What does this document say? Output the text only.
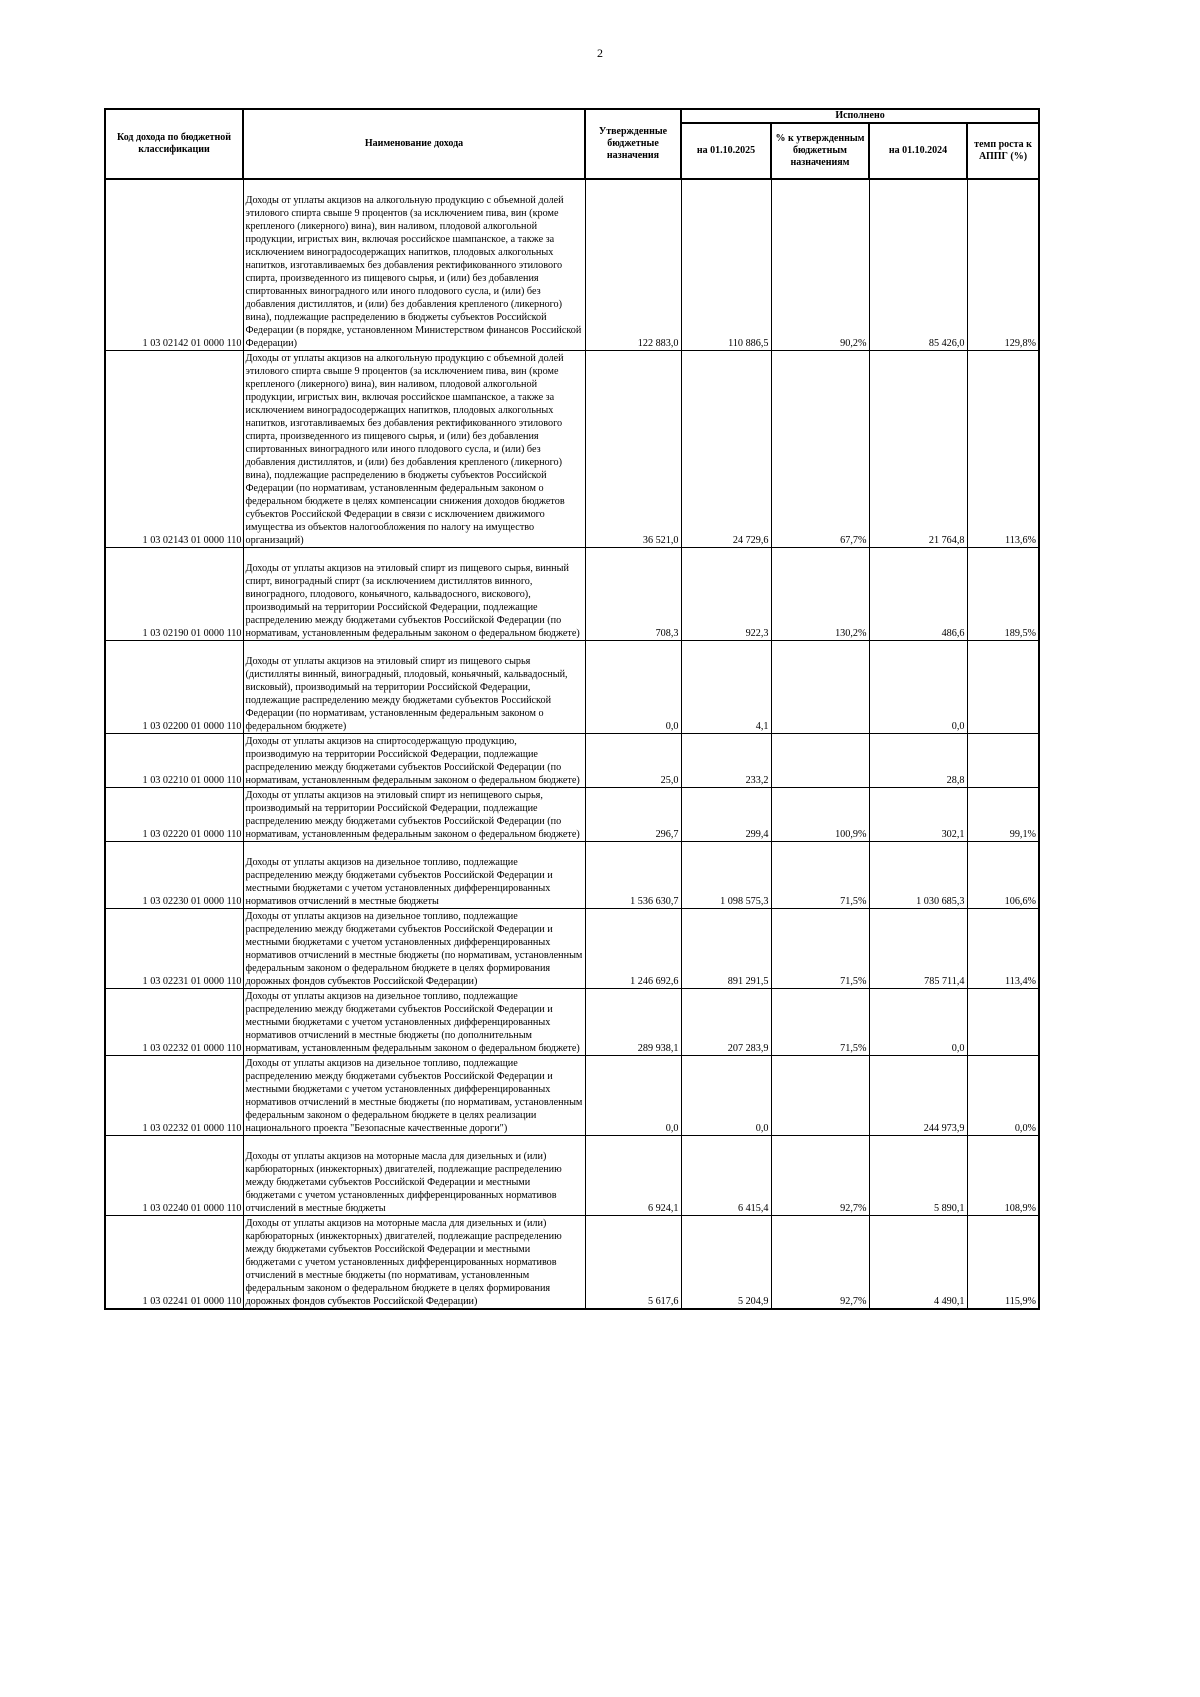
2
Код дохода по бюджетной классификации	Наименование дохода	Утвержденные бюджетные назначения	Исполнено			
			на 01.10.2025	% к утвержденным бюджетным назначениям	на 01.10.2024	темп роста к АППГ (%)
1 03 02142 01 0000 110	Доходы от уплаты акцизов на алкогольную продукцию с объемной долей этилового спирта свыше 9 процентов (за исключением пива, вин (кроме крепленого (ликерного) вина), вин наливом, плодовой алкогольной продукции, игристых вин, включая российское шампанское, а также за исключением виноградосодержащих напитков, плодовых алкогольных напитков, изготавливаемых без добавления ректификованного этилового спирта, произведенного из пищевого сырья, и (или) без добавления спиртованных виноградного или иного плодового сусла, и (или) без добавления дистиллятов, и (или) без добавления крепленого (ликерного) вина), подлежащие распределению в бюджеты субъектов Российской Федерации (в порядке, установленном Министерством финансов Российской Федерации)	122 883,0	110 886,5	90,2%	85 426,0	129,8%
1 03 02143 01 0000 110	Доходы от уплаты акцизов на алкогольную продукцию с объемной долей этилового спирта свыше 9 процентов (за исключением пива, вин (кроме крепленого (ликерного) вина), вин наливом, плодовой алкогольной продукции, игристых вин, включая российское шампанское, а также за исключением виноградосодержащих напитков, плодовых алкогольных напитков, изготавливаемых без добавления ректификованного этилового спирта, произведенного из пищевого сырья, и (или) без добавления спиртованных виноградного или иного плодового сусла, и (или) без добавления дистиллятов, и (или) без добавления крепленого (ликерного) вина), подлежащие распределению в бюджеты субъектов Российской Федерации (по нормативам, установленным федеральным законом о федеральном бюджете в целях компенсации снижения доходов бюджетов субъектов Российской Федерации в связи с исключением движимого имущества из объектов налогообложения по налогу на имущество организаций)	36 521,0	24 729,6	67,7%	21 764,8	113,6%
1 03 02190 01 0000 110	Доходы от уплаты акцизов на этиловый спирт из пищевого сырья, винный спирт, виноградный спирт (за исключением дистиллятов винного, виноградного, плодового, коньячного, кальвадосного, вискового), производимый на территории Российской Федерации, подлежащие распределению между бюджетами субъектов Российской Федерации (по нормативам, установленным федеральным законом о федеральном бюджете)	708,3	922,3	130,2%	486,6	189,5%
1 03 02200 01 0000 110	Доходы от уплаты акцизов на этиловый спирт из пищевого сырья (дистилляты винный, виноградный, плодовый, коньячный, кальвадосный, висковый), производимый на территории Российской Федерации, подлежащие распределению между бюджетами субъектов Российской Федерации (по нормативам, установленным федеральным законом о федеральном бюджете)	0,0	4,1		0,0	
1 03 02210 01 0000 110	Доходы от уплаты акцизов на спиртосодержащую продукцию, производимую на территории Российской Федерации, подлежащие распределению между бюджетами субъектов Российской Федерации (по нормативам, установленным федеральным законом о федеральном бюджете)	25,0	233,2		28,8	
1 03 02220 01 0000 110	Доходы от уплаты акцизов на этиловый спирт из непищевого сырья, производимый на территории Российской Федерации, подлежащие распределению между бюджетами субъектов Российской Федерации (по нормативам, установленным федеральным законом о федеральном бюджете)	296,7	299,4	100,9%	302,1	99,1%
1 03 02230 01 0000 110	Доходы от уплаты акцизов на дизельное топливо, подлежащие распределению между бюджетами субъектов Российской Федерации и местными бюджетами с учетом установленных дифференцированных нормативов отчислений в местные бюджеты	1 536 630,7	1 098 575,3	71,5%	1 030 685,3	106,6%
1 03 02231 01 0000 110	Доходы от уплаты акцизов на дизельное топливо, подлежащие распределению между бюджетами субъектов Российской Федерации и местными бюджетами с учетом установленных дифференцированных нормативов отчислений в местные бюджеты (по нормативам, установленным федеральным законом о федеральном бюджете в целях формирования дорожных фондов субъектов Российской Федерации)	1 246 692,6	891 291,5	71,5%	785 711,4	113,4%
1 03 02232 01 0000 110	Доходы от уплаты акцизов на дизельное топливо, подлежащие распределению между бюджетами субъектов Российской Федерации и местными бюджетами с учетом установленных дифференцированных нормативов отчислений в местные бюджеты (по дополнительным нормативам, установленным федеральным законом о федеральном бюджете)	289 938,1	207 283,9	71,5%	0,0	
1 03 02232 01 0000 110	Доходы от уплаты акцизов на дизельное топливо, подлежащие распределению между бюджетами субъектов Российской Федерации и местными бюджетами с учетом установленных дифференцированных нормативов отчислений в местные бюджеты (по нормативам, установленным федеральным законом о федеральном бюджете в целях реализации национального проекта "Безопасные качественные дороги")	0,0	0,0		244 973,9	0,0%
1 03 02240 01 0000 110	Доходы от уплаты акцизов на моторные масла для дизельных и (или) карбюраторных (инжекторных) двигателей, подлежащие распределению между бюджетами субъектов Российской Федерации и местными бюджетами с учетом установленных дифференцированных нормативов отчислений в местные бюджеты	6 924,1	6 415,4	92,7%	5 890,1	108,9%
1 03 02241 01 0000 110	Доходы от уплаты акцизов на моторные масла для дизельных и (или) карбюраторных (инжекторных) двигателей, подлежащие распределению между бюджетами субъектов Российской Федерации и местными бюджетами с учетом установленных дифференцированных нормативов отчислений в местные бюджеты (по нормативам, установленным федеральным законом о федеральном бюджете в целях формирования дорожных фондов субъектов Российской Федерации)	5 617,6	5 204,9	92,7%	4 490,1	115,9%
